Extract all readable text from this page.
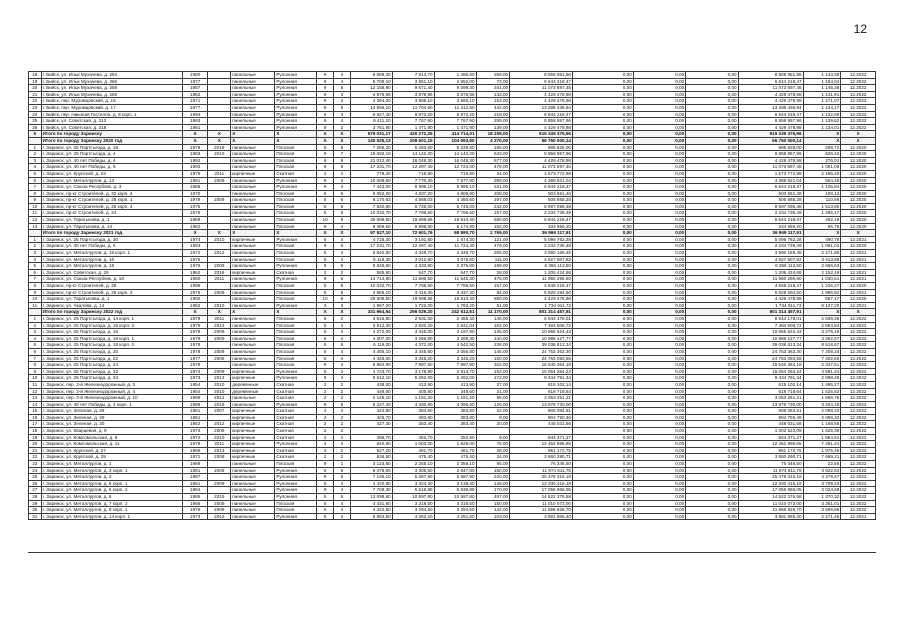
12
18	г. Бийск, ул. Ильи Мухачева, д. 254	1980		панельные	Рулонная	9	4	9 689,20	7 813,70	1 495,60	269,00	8 858 951,96	0,00	0,00	0,00	8 858 951,96	1 143,58	12.2022
19	г. Бийск, ул. Ильи Мухачева, д. 256	1977		панельные	Рулонная	9	4	5 708,10	3 851,10	2 652,00	73,00	6 644 218,47	0,00	0,00	0,00	6 644 218,47	1 164,04	12.2022
20	г. Бийск, ул. Ильи Мухачева, д. 258	1987		панельные	Рулонная	9	5	12 158,90	9 671,40	9 099,30	341,00	11 073 697,45	0,00	0,00	0,00	11 073 697,45	1 145,36	12.2022
21	г. Бийск, ул. Ильи Мухачева, д. 266	1982		панельные	Рулонная	9	3	4 876,96	3 878,96	3 878,96	143,00	4 429 478,98	0,00	0,00	0,00	4 429 478,98	1 141,91	12.2022
22	г. Бийск, пер. Муромцевский, д. 15	1971		панельные	Рулонная	9	2	4 394,20	3 869,10	3 869,10	153,00	4 429 478,98	0,00	0,00	0,00	4 429 478,98	1 171,07	12.2022
23	г. Бийск, пер. Муромцевский, д. 17	1977		панельные	Рулонная	9	6	14 855,10	11 704,60	11 412,50	442,00	13 288 436,94	0,00	0,00	0,00	13 288 436,94	1 134,17	12.2022
24	г. Бийск, пер. Николая Гастелло, д. 8 корп. 1	1994		панельные	Рулонная	9	3	6 627,40	5 872,20	5 872,20	218,00	6 644 218,47	0,00	0,00	0,00	6 644 218,47	1 132,69	12.2022
25	г. Бийск, ул. Советская, д. 213	1993		панельные	Рулонная	9	4	8 411,10	7 767,90	7 767,90	289,00	8 858 957,96	0,00	0,00	0,00	8 858 957,96	1 139,62	12.2022
26	г. Бийск, ул. Советская, д. 218	1981		панельные	Рулонная	9	2	3 751,90	1 471,90	1 471,90	139,00	4 429 478,98	0,00	0,00	0,00	4 429 478,98	1 134,01	12.2022
5	Итого по городу Заринску	X	X	X	X	X	X	579 031,17	430 272,26	414 714,01	18 209,00	915 339 375,96	0,00	0,00	0,00	915 339 375,96	X	X
	Итого по городу Заринску 2020 год	X	X	X	X	X	X	140 535,13	108 601,15	104 093,90	4 270,00	56 750 000,14	0,00	0,00	0,00	56 750 000,14	X	X
1	г. Заринск, ул. 25 Партсъезда, д. 18	1979	2018	панельные	Плоская	5	6	7 256,20	5 283,80	5 228,80	195,00	686 828,00	0,00	0,00	0,00	686 828,00	209,72	12.2020
2	г. Заринск, ул. 25 Партсъезда, д. 4	1983	2010	панельные	Плоская	9	7	18 092,10	14 142,20	14 142,20	643,00	8 858 957,96	0,00	0,00	0,00	8 858 957,96	626,42	12.2020
3	г. Заринск, ул. 40 лет Победы, д. 4	1992		панельные	Плоская	9	8	21 012,40	16 048,30	16 048,30	577,00	4 429 478,98	0,00	0,00	0,00	4 429 478,98	276,01	12.2020
4	г. Заринск, ул. 40 лет Победы, д. 6	1993		панельные	Плоская	9	9	17 231,70	12 297,40	12 724,00	479,00	11 073 697,45	0,00	0,00	0,00	11 073 697,45	1 081,06	12.2020
5	г. Заринск, ул. Крупской, д. 23	1975	2011	кирпичные	Скатная	2	2	778,20	719,80	719,80	34,00	1 573 772,98	0,00	0,00	0,00	1 573 772,98	2 186,40	12.2020
6	г. Заринск, ул. Металлургов, д. 13	1981	2009	панельные	Рулонная	9	4	10 069,60	7 770,30	7 677,80	289,00	4 389 621,04	0,00	0,00	0,00	4 389 621,04	564,49	12.2020
7	г. Заринск, ул. Союза Республик, д. 3	1985		панельные	Рулонная	9	4	7 443,00	5 995,10	5 995,10	231,00	6 644 218,47	0,00	0,00	0,00	6 644 218,47	1 106,84	12.2020
8	г. Заринск, пр-кт Строителей, д. 32 корп. 2	1970		панельные	Плоская	5	6	6 052,20	4 637,20	4 609,90	208,00	503 551,46	0,00	0,00	0,00	503 551,46	108,12	12.2020
9	г. Заринск, пр-кт Строителей, д. 25 корп. 1	1979	2009	панельные	Плоская	5	6	8 170,63	4 568,03	4 360,60	197,00	505 665,28	0,00	0,00	0,00	505 665,28	110,56	12.2020
10	г. Заринск, пр-кт Строителей, д. 25 корп. 4	1975		панельные	Плоская	5	8	7 840,80	5 745,00	5 745,00	242,00	8 697 096,48	0,00	0,00	0,00	8 697 096,48	1 513,85	12.2020
11	г. Заринск, пр-кт Строителей, д. 24	1976		панельные	Плоская	5	8	10 022,70	7 796,50	7 796,50	157,00	2 234 739,49	0,00	0,00	0,00	2 234 739,49	1 285,17	12.2020
12	г. Заринск, ул. Таратынова, д. 1	1989		панельные	Плоская	10	9	25 606,50	19 698,66	18 510,40	680,00	6 644 218,47	0,00	0,00	0,00	6 644 218,47	452,19	12.2020
13	г. Заринск, ул. Таратынова, д. 13	1982		панельные	Плоская	9	4	8 369,60	5 898,60	5 174,80	152,00	334 659,20	0,00	0,00	0,00	334 659,20	85,75	12.2020
	Итого по городу Заринску 2021 год	X	X	X	X	X	X	97 527,10	72 601,76	68 890,70	2 769,00	36 969 117,91	0,00	0,00	0,00	36 969 117,91	X	X
1	г. Заринск, ул. 25 Партсъезда, д. 30	1974	2010	кирпичные	Рулонная	5	4	4 718,30	3 191,60	1 874,30	121,00	5 096 762,28	0,00	0,00	0,00	5 096 762,28	490,76	12.2021
2	г. Заринск, ул. 40 лет Победы, д. 6	1993		панельные	Плоская	9	6	17 231,70	12 297,40	11 724,40	479,00	2 234 739,49	0,00	0,00	0,00	2 234 739,49	1 081,01	12.2020
3	г. Заринск, ул. Металлургов, д. 15 корп. 1	1972	2012	панельные	Плоская	5	4	5 842,90	4 348,70	4 348,70	205,00	3 590 169,45	0,00	0,00	0,00	3 590 169,45	2 171,86	12.2021
4	г. Заринск, ул. Металлургов, д. 16	1976		панельные	Плоская	5	4	5 118,30	3 012,80	3 075,60	111,00	4 827 507,82	0,00	0,00	0,00	4 827 507,82	3 413,88	12.2021
5	г. Заринск, ул. Металлургов, д. 18	1976	2009	панельные	Рулонная	5	6	6 645,60	4 333,90	2 375,80	189,00	6 356 113,50	0,00	0,00	0,00	6 356 113,50	2 666,63	12.2021
6	г. Заринск, ул. Советская, д. 29	1962	2016	кирпичные	Скатная	2	2	585,60	547,70	547,70	28,00	1 205 424,68	0,00	0,00	0,00	1 205 424,68	2 152,18	12.2021
7	г. Заринск, ул. Союза Республик, д. 18	1980	2011	панельные	Рулонная	9	6	14 714,80	11 596,50	11 545,30	476,00	11 950 296,80	0,00	0,00	0,00	11 950 296,80	1 030,51	12.2021
8	г. Заринск, пр-кт Строителей, д. 28	1996		панельные	Плоская	5	8	10 022,70	7 796,50	7 796,50	157,00	4 648 218,47	0,00	0,00	0,00	4 648 218,47	1 226,27	12.2020
9	г. Заринск, пр-кт Строителей, д. 25 корп. 3	1975	2009	панельные	Плоская	5	6	4 965,10	3 416,30	3 437,30	84,00	6 829 294,50	0,00	0,00	0,00	6 829 294,50	1 986,82	12.2021
10	г. Заринск, ул. Таратынова, д. 1	1992		панельные	Плоская	10	9	25 606,50	19 698,66	18 510,40	680,00	4 429 478,98	0,00	0,00	0,00	4 429 478,98	567,17	12.2020
11	г. Заринск, ул. Чкалова, д. 14	1982	2010	панельные	Рулонная	3	3	1 967,20	1 722,00	1 792,20	51,00	1 734 911,73	0,00	0,00	0,00	1 734 911,73	6 127,20	12.2021
	Итого по городу Заринску 2022 год	X	X	X	X	X	X	331 964,94	256 029,20	242 612,61	11 170,00	801 314 457,91	0,00	0,00	0,00	801 314 457,91	X	X
1	г. Заринск, ул. 25 Партсъезда, д. 14 корп. 1	1979	2011	панельные	Плоская	5	2	3 615,80	2 631,00	2 455,40	146,00	6 944 178,01	0,00	0,00	0,00	6 944 178,01	2 639,36	12.2022
2	г. Заринск, ул. 25 Партсъезда, д. 16 корп. 2	1975	2013	панельные	Плоская	5	4	3 912,30	2 820,20	2 631,04	102,00	7 484 508,72	0,00	0,00	0,00	7 484 508,72	2 653,84	12.2022
3	г. Заринск, ул. 25 Партсъезда, д. 16	1978	2009	панельные	Плоская	5	4	4 272,00	3 345,00	3 197,90	135,00	10 955 524,43	0,00	0,00	0,00	10 955 524,43	3 275,19	12.2022
4	г. Заринск, ул. 25 Партсъезда, д. 18 корп. 1	1978	2009	панельные	Плоская	5	4	4 307,00	3 266,80	3 269,30	140,00	10 986 127,77	0,00	0,00	0,00	10 986 127,77	3 362,57	12.2022
5	г. Заринск, ул. 25 Партсъезда, д. 18 корп. 2	1978		панельные	Плоская	5	6	6 119,00	4 372,00	4 542,50	226,00	39 038 813,34	0,00	0,00	0,00	39 038 813,34	8 518,67	12.2022
6	г. Заринск, ул. 25 Партсъезда, д. 20	1978	2009	панельные	Плоская	5	4	4 485,10	3 345,80	3 056,80	145,00	24 753 363,30	0,00	0,00	0,00	24 753 363,30	7 209,34	12.2022
7	г. Заринск, ул. 25 Партсъезда, д. 22	1977	2009	панельные	Плоская	5	4	4 446,00	3 345,20	3 345,20	150,00	24 763 093,55	0,00	0,00	0,00	24 763 093,55	7 402,60	12.2022
8	г. Заринск, ул. 25 Партсъезда, д. 24	1978		панельные	Плоская	9	4	9 882,90	7 897,80	7 897,80	322,00	18 540 364,18	0,00	0,00	0,00	18 540 364,18	2 347,51	12.2022
9	г. Заринск, ул. 25 Партсъезда, д. 32	1974	2009	кирпичные	Рулонная	5	2	4 723,70	3 178,90	2 913,70	152,00	15 054 264,24	0,00	0,00	0,00	15 054 264,24	4 591,24	12.2022
10	г. Заринск, ул. 25 Партсъезда, д. 34	1973	2013	кирпичные	Рулонная	5	4	6 612,10	5 262,00	5 262,00	172,00	9 434 791,34	0,00	0,00	0,00	9 434 791,34	2 898,48	12.2022
11	г. Заринск, пер. 3-й Железнодорожный, д. 3	1954	2010	деревянные	Скатная	2	2	438,00	413,90	413,90	27,00	615 102,14	0,00	0,00	0,00	615 102,14	1 495,27	12.2022
12	г. Заринск, пер. 3-й Железнодорожный, д. 4	1954	2010	деревянные	Скатная	2	2	448,00	405,90	349,60	21,00	618 718,64	0,00	0,00	0,00	618 718,64	1 525,82	12.2022
13	г. Заринск, пер. 3-й Железнодорожный, д. 10	1986	2012	панельные	Скатная	2	2	2 145,10	1 191,20	1 191,20	55,00	3 053 251,21	0,00	0,00	0,00	3 053 251,21	1 666,76	12.2022
14	г. Заринск, ул. 40 лет Победы, д. 4 корп. 1	1996	2018	панельные	Рулонная	9	5	6 227,40	4 330,80	4 095,60	120,00	13 876 730,00	0,00	0,00	0,00	13 876 730,00	3 204,19	12.2022
15	г. Заринск, ул. Зеленая, д. 28	1961	2007	кирпичные	Скатная	2	2	424,80	383,80	383,80	22,00	806 084,91	0,00	0,00	0,00	806 084,91	2 099,33	12.2022
16	г. Заринск, ул. Зеленая, д. 29	1961		кирпичные	Скатная	2	2	425,70	383,80	383,80	8,00	804 750,46	0,00	0,00	0,00	804 750,46	2 099,33	12.2022
17	г. Заринск, ул. Зеленая, д. 30	1962	2012	кирпичные	Скатная	2	2	427,30	383,40	383,40	20,00	448 031,56	0,00	0,00	0,00	448 031,56	1 168,56	12.2022
18	г. Заринск, ул. Кварцевая, д. 9	1974	2009	кирпичные	Скатная	2	2						0,00	0,00	0,00	1 002 523,09	1 625,39	12.2022
19	г. Заринск, ул. Комсомольская, д. 8	1972	2010	кирпичные	Скатная	2	2	498,70	452,70	252,80	9,00	844 371,27	0,00	0,00	0,00	844 371,27	1 864,91	12.2022
20	г. Заринск, ул. Комсомольская, д. 11	1978	2011	кирпичные	Рулонная	4	4	840,90	1 003,00	1 628,00	76,00	12 452 896,65	0,00	0,00	0,00	12 452 896,65	7 461,24	12.2022
21	г. Заринск, ул. Крупской, д. 27	1969	2013	кирпичные	Скатная	2	2	527,20	481,70	481,70	28,00	951 172,75	0,00	0,00	0,00	951 172,75	1 975,45	12.2022
22	г. Заринск, ул. Крупской, д. 29	1971	2008	кирпичные	Скатная	2	2	536,50	475,40	475,40	24,00	3 660 290,71	0,00	0,00	0,00	3 660 290,71	7 699,21	12.2022
23	г. Заринск, ул. Металлургов, д. 1	1989		панельные	Плоская	9	1	3 123,50	2 255,10	2 355,10	95,00	76 346,50	0,00	0,00	0,00	76 346,50	22,56	12.2022
24	г. Заринск, ул. Металлургов, д. 3 корп. 1	1981	2009	панельные	Рулонная	5	5	6 476,60	3 305,50	2 847,80	150,00	11 974 611,75	0,00	0,00	0,00	11 974 611,75	3 622,63	12.2022
25	г. Заринск, ул. Металлургов, д. 3	1987		панельные	Рулонная	9	5	7 136,10	5 687,90	5 687,90	220,00	25 478 316,18	0,00	0,00	0,00	25 478 316,18	4 479,47	12.2022
26	г. Заринск, ул. Металлургов, д. 6 корп. 1	1981	2009	панельные	Рулонная	5	4	4 420,80	3 324,30	3 138,40	149,00	12 330 416,18	0,00	0,00	0,00	12 330 416,18	3 709,23	12.2022
27	г. Заринск, ул. Металлургов, д. 6 корп. 2	1984		панельные	Рулонная	9	4	7 708,30	5 618,89	5 638,89	170,00	17 056 966,05	0,00	0,00	0,00	17 056 966,05	3 024,68	12.2022
28	г. Заринск, ул. Металлургов, д. 6	1985	2015	панельные	Рулонная	5	6	13 098,60	10 597,80	10 597,80	497,00	14 522 376,58	0,00	0,00	0,00	14 522 376,58	1 370,32	12.2022
29	г. Заринск, ул. Металлургов, д. 7 корп. 2	1986	2009	панельные	Плоская	5	4	4 431,60	3 318,50	3 318,50	150,00	11 010 073,00	0,00	0,00	0,00	11 010 073,00	3 361,01	12.2022
30	г. Заринск, ул. Металлургов, д. 8 корп. 1	1975	2009	панельные	Плоская	5	4	4 422,50	3 294,50	3 294,50	142,00	11 858 826,70	0,00	0,00	0,00	11 858 826,70	3 599,66	12.2022
31	г. Заринск, ул. Металлургов, д. 14 корп. 1	1973	2012	панельные	Рулонная	5	4	5 863,50	4 362,20	4 251,60	103,00	3 881 965,40	0,00	0,00	0,00	3 881 965,40	2 171,46	12.2021
